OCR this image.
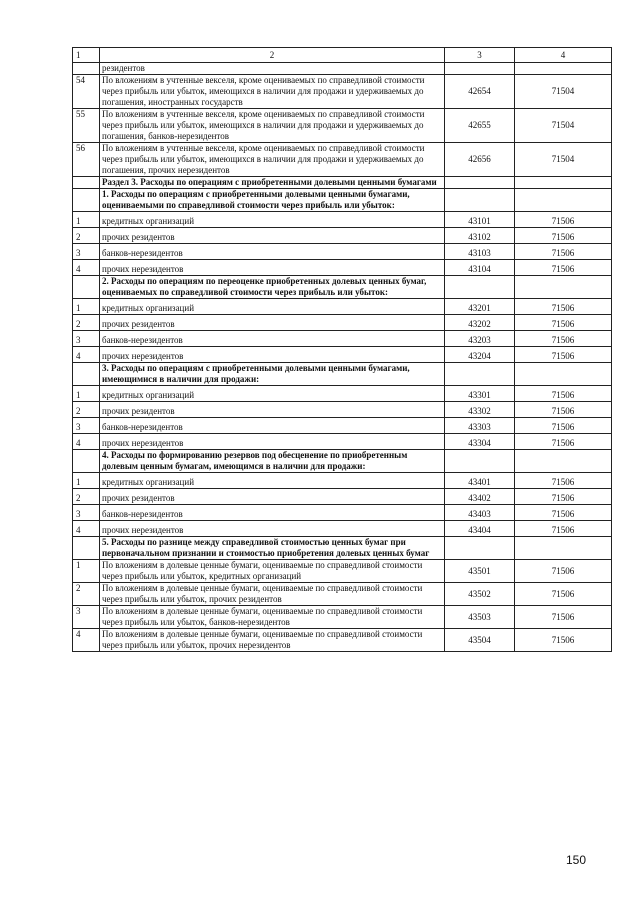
1	2	3	4
	резидентов		
54	По вложениям в учтенные векселя, кроме оцениваемых по справедливой стоимости через прибыль или убыток, имеющихся в наличии для продажи и удерживаемых до погашения, иностранных государств	42654	71504
55	По вложениям в учтенные векселя, кроме оцениваемых по справедливой стоимости через прибыль или убыток, имеющихся в наличии для продажи и удерживаемых до погашения, банков-нерезидентов	42655	71504
56	По вложениям в учтенные векселя, кроме оцениваемых по справедливой стоимости через прибыль или убыток, имеющихся в наличии для продажи и удерживаемых до погашения, прочих нерезидентов	42656	71504
	Раздел 3. Расходы по операциям с приобретенными долевыми ценными бумагами		
	1. Расходы по операциям с приобретенными долевыми ценными бумагами, оцениваемыми по справедливой стоимости через прибыль или убыток:		
1	кредитных организаций	43101	71506
2	прочих резидентов	43102	71506
3	банков-нерезидентов	43103	71506
4	прочих нерезидентов	43104	71506
	2. Расходы по операциям по переоценке приобретенных долевых ценных бумаг, оцениваемых по справедливой стоимости через прибыль или убыток:		
1	кредитных организаций	43201	71506
2	прочих резидентов	43202	71506
3	банков-нерезидентов	43203	71506
4	прочих нерезидентов	43204	71506
	3. Расходы по операциям с приобретенными долевыми ценными бумагами, имеющимися в наличии для продажи:		
1	кредитных организаций	43301	71506
2	прочих резидентов	43302	71506
3	банков-нерезидентов	43303	71506
4	прочих нерезидентов	43304	71506
	4. Расходы по формированию резервов под обесценение по приобретенным долевым ценным бумагам, имеющимся в наличии для продажи:		
1	кредитных организаций	43401	71506
2	прочих резидентов	43402	71506
3	банков-нерезидентов	43403	71506
4	прочих нерезидентов	43404	71506
	5. Расходы по разнице между справедливой стоимостью ценных бумаг при первоначальном признании и стоимостью приобретения долевых ценных бумаг		
1	По вложениям в долевые ценные бумаги, оцениваемые по справедливой стоимости через прибыль или убыток, кредитных организаций	43501	71506
2	По вложениям в долевые ценные бумаги, оцениваемые по справедливой стоимости через прибыль или убыток, прочих резидентов	43502	71506
3	По вложениям в долевые ценные бумаги, оцениваемые по справедливой стоимости через прибыль или убыток, банков-нерезидентов	43503	71506
4	По вложениям в долевые ценные бумаги, оцениваемые по справедливой стоимости через прибыль или убыток, прочих нерезидентов	43504	71506
150
